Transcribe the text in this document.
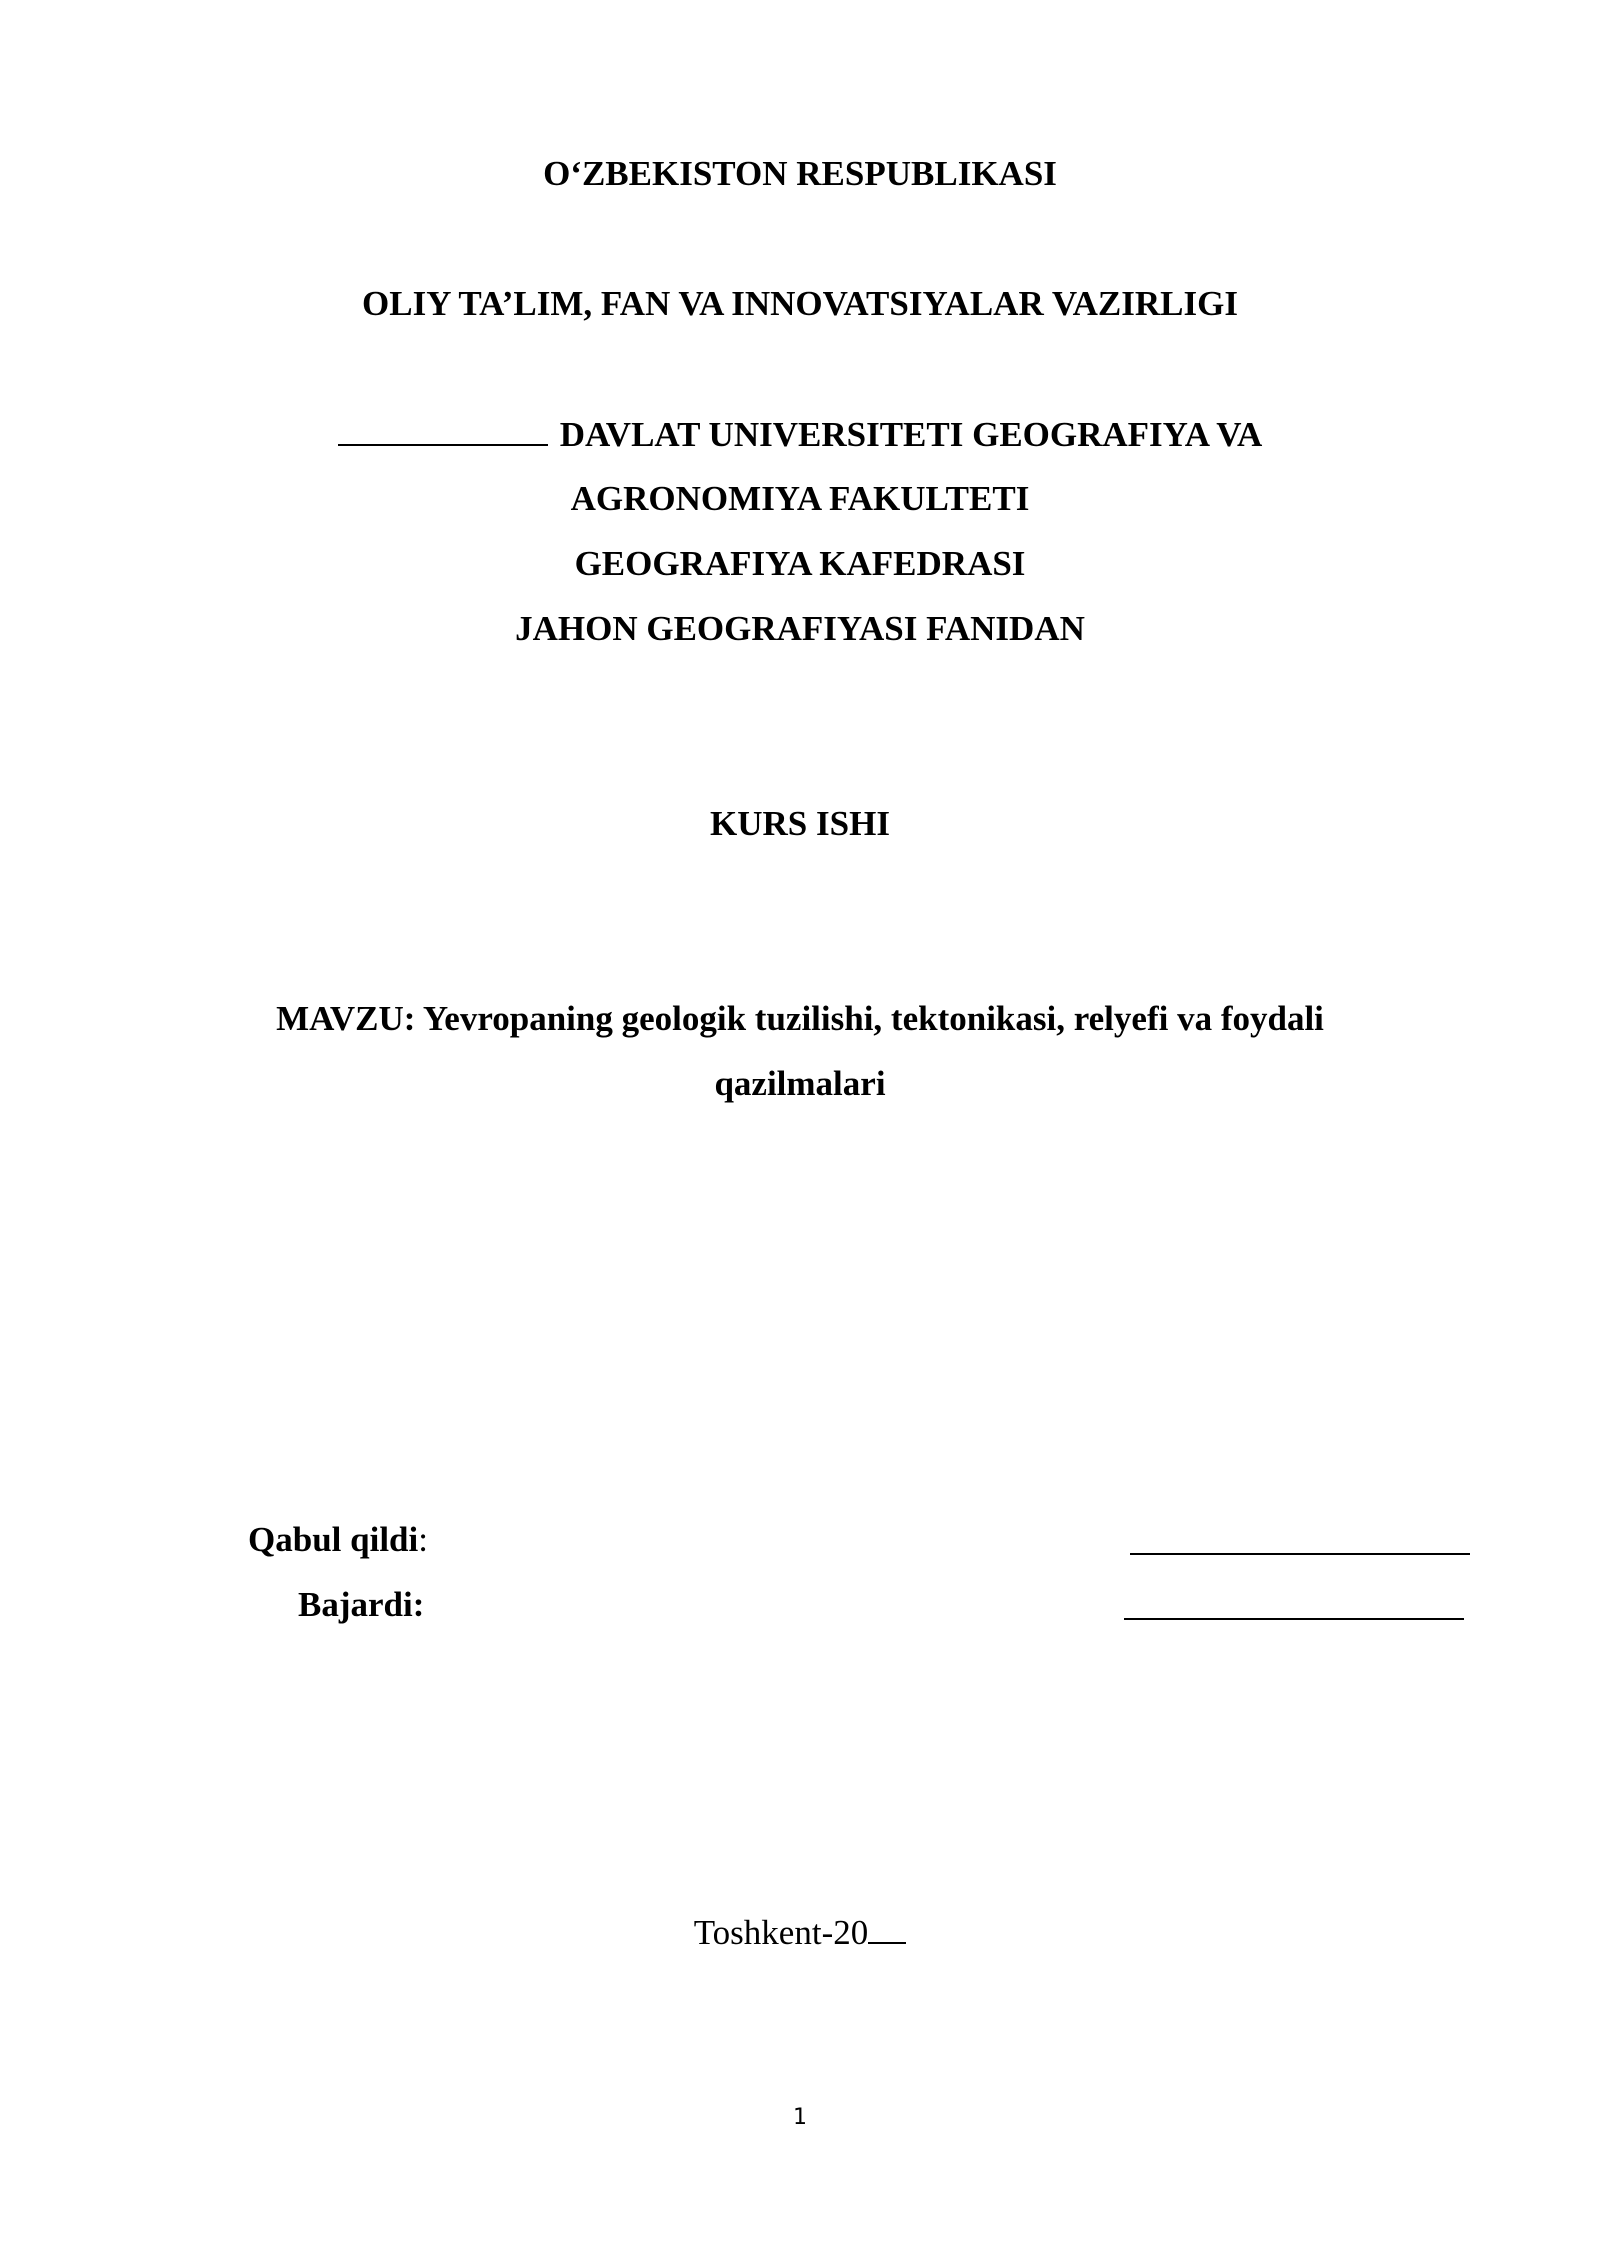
O‘ZBEKISTON RESPUBLIKASI
OLIY TA’LIM, FAN VA INNOVATSIYALAR VAZIRLIGI
DAVLAT UNIVERSITETI GEOGRAFIYA VA
AGRONOMIYA FAKULTETI
GEOGRAFIYA KAFEDRASI
JAHON GEOGRAFIYASI FANIDAN
KURS ISHI
MAVZU: Yevropaning geologik tuzilishi, tektonikasi, relyefi va foydali
qazilmalari
Qabul qildi:
Bajardi:
Toshkent-20
1
